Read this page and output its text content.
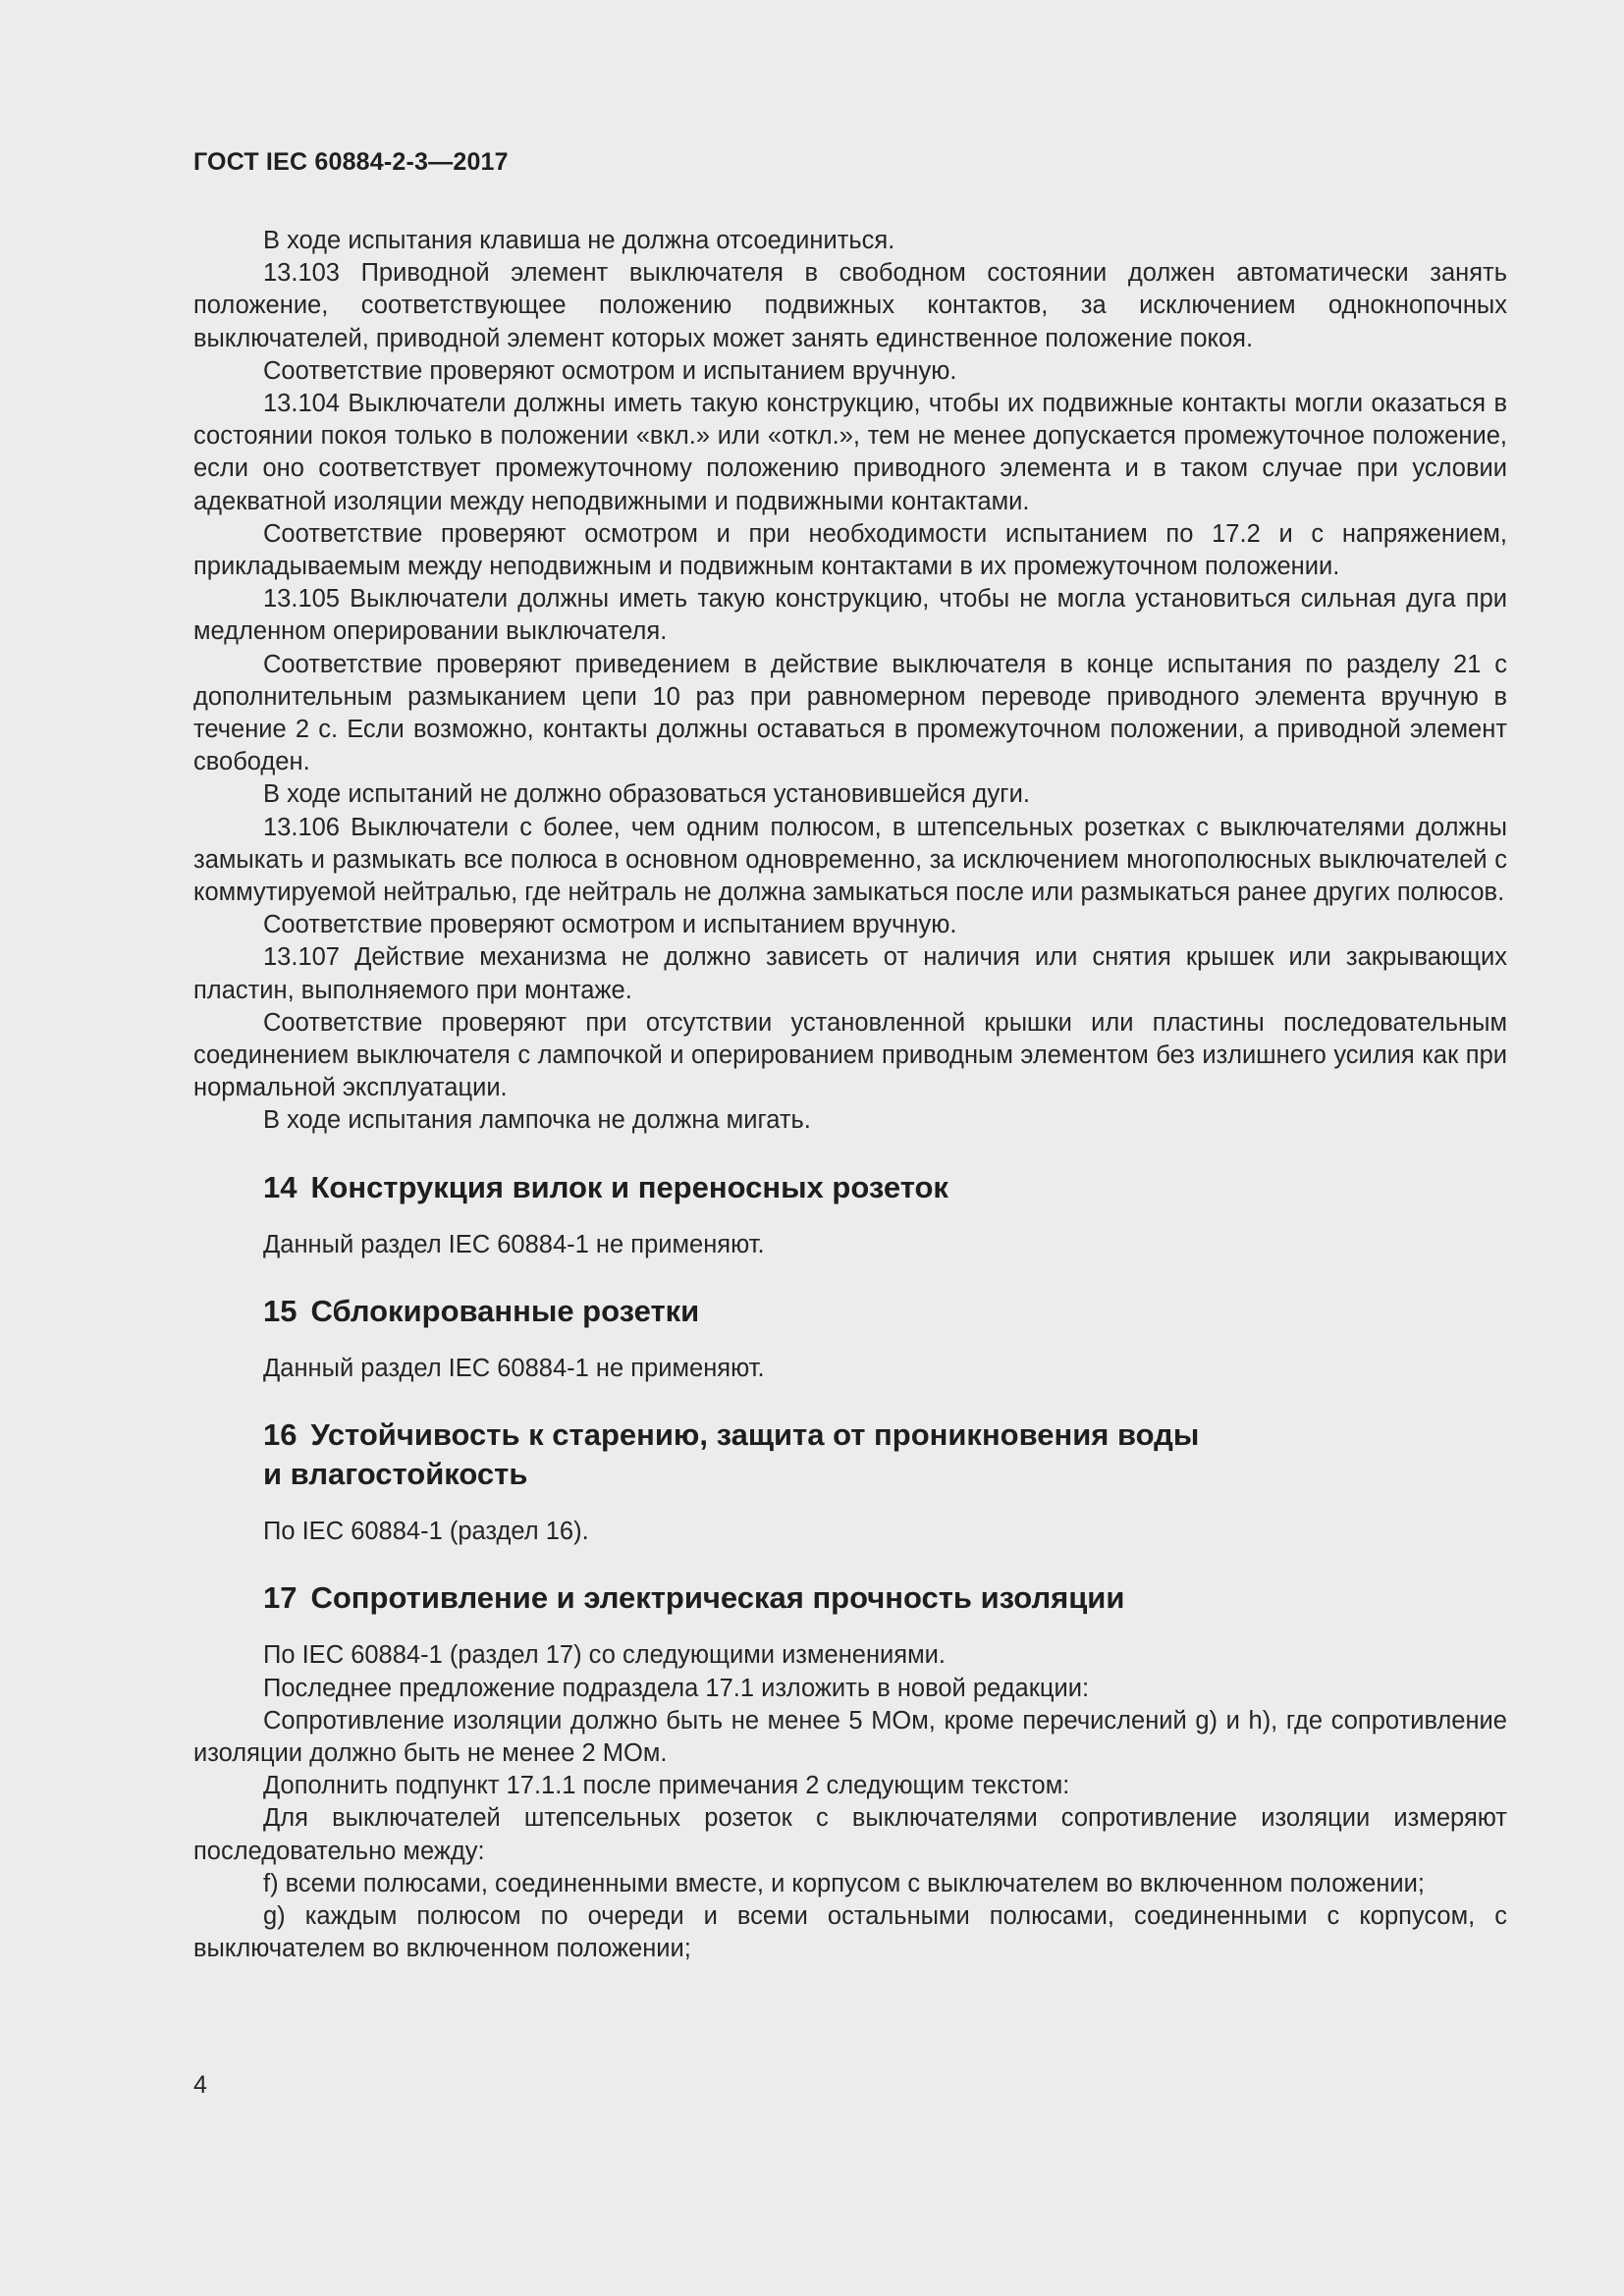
ГОСТ IEC 60884-2-3—2017

В ходе испытания клавиша не должна отсоединиться.

13.103 Приводной элемент выключателя в свободном состоянии должен автоматически занять положение, соответствующее положению подвижных контактов, за исключением однокнопочных выключателей, приводной элемент которых может занять единственное положение покоя.

Соответствие проверяют осмотром и испытанием вручную.

13.104 Выключатели должны иметь такую конструкцию, чтобы их подвижные контакты могли оказаться в состоянии покоя только в положении «вкл.» или «откл.», тем не менее допускается промежуточное положение, если оно соответствует промежуточному положению приводного элемента и в таком случае при условии адекватной изоляции между неподвижными и подвижными контактами.

Соответствие проверяют осмотром и при необходимости испытанием по 17.2 и с напряжением, прикладываемым между неподвижным и подвижным контактами в их промежуточном положении.

13.105 Выключатели должны иметь такую конструкцию, чтобы не могла установиться сильная дуга при медленном оперировании выключателя.

Соответствие проверяют приведением в действие выключателя в конце испытания по разделу 21 с дополнительным размыканием цепи 10 раз при равномерном переводе приводного элемента вручную в течение 2 с. Если возможно, контакты должны оставаться в промежуточном положении, а приводной элемент свободен.

В ходе испытаний не должно образоваться установившейся дуги.

13.106 Выключатели с более, чем одним полюсом, в штепсельных розетках с выключателями должны замыкать и размыкать все полюса в основном одновременно, за исключением многополюсных выключателей с коммутируемой нейтралью, где нейтраль не должна замыкаться после или размыкаться ранее других полюсов.

Соответствие проверяют осмотром и испытанием вручную.

13.107 Действие механизма не должно зависеть от наличия или снятия крышек или закрывающих пластин, выполняемого при монтаже.

Соответствие проверяют при отсутствии установленной крышки или пластины последовательным соединением выключателя с лампочкой и оперированием приводным элементом без излишнего усилия как при нормальной эксплуатации.

В ходе испытания лампочка не должна мигать.

14 Конструкция вилок и переносных розеток

Данный раздел IEC 60884-1 не применяют.

15 Сблокированные розетки

Данный раздел IEC 60884-1 не применяют.

16 Устойчивость к старению, защита от проникновения воды
и влагостойкость

По IEC 60884-1 (раздел 16).

17 Сопротивление и электрическая прочность изоляции

По IEC 60884-1 (раздел 17) со следующими изменениями.

Последнее предложение подраздела 17.1 изложить в новой редакции:

Сопротивление изоляции должно быть не менее 5 МОм, кроме перечислений g) и h), где сопротивление изоляции должно быть не менее 2 МОм.

Дополнить подпункт 17.1.1 после примечания 2 следующим текстом:

Для выключателей штепсельных розеток с выключателями сопротивление изоляции измеряют последовательно между:

f) всеми полюсами, соединенными вместе, и корпусом с выключателем во включенном положении;

g) каждым полюсом по очереди и всеми остальными полюсами, соединенными с корпусом, с выключателем во включенном положении;

4
